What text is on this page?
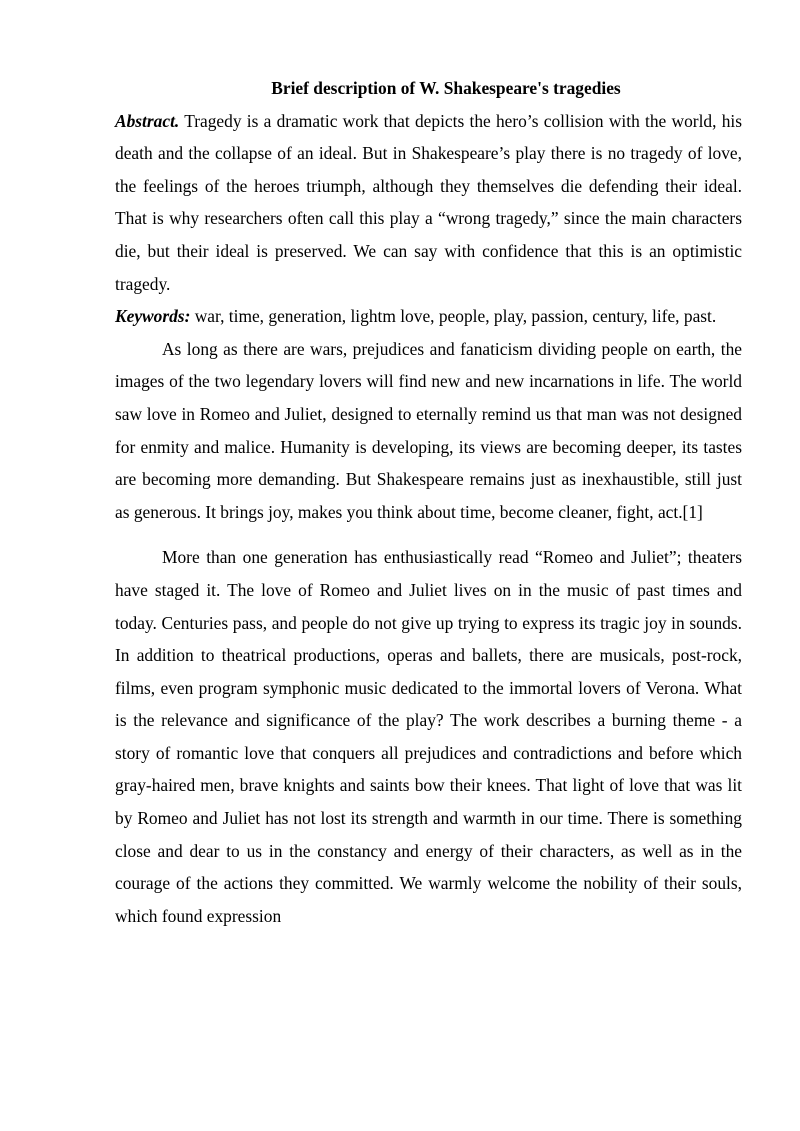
Brief description of W. Shakespeare's tragedies

Abstract. Tragedy is a dramatic work that depicts the hero’s collision with the world, his death and the collapse of an ideal. But in Shakespeare’s play there is no tragedy of love, the feelings of the heroes triumph, although they themselves die defending their ideal. That is why researchers often call this play a “wrong tragedy,” since the main characters die, but their ideal is preserved. We can say with confidence that this is an optimistic tragedy.

Keywords: war, time, generation, lightm love, people, play, passion, century, life, past.

As long as there are wars, prejudices and fanaticism dividing people on earth, the images of the two legendary lovers will find new and new incarnations in life. The world saw love in Romeo and Juliet, designed to eternally remind us that man was not designed for enmity and malice. Humanity is developing, its views are becoming deeper, its tastes are becoming more demanding. But Shakespeare remains just as inexhaustible, still just as generous. It brings joy, makes you think about time, become cleaner, fight, act.[1]

More than one generation has enthusiastically read “Romeo and Juliet”; theaters have staged it. The love of Romeo and Juliet lives on in the music of past times and today. Centuries pass, and people do not give up trying to express its tragic joy in sounds. In addition to theatrical productions, operas and ballets, there are musicals, post-rock, films, even program symphonic music dedicated to the immortal lovers of Verona. What is the relevance and significance of the play? The work describes a burning theme - a story of romantic love that conquers all prejudices and contradictions and before which gray-haired men, brave knights and saints bow their knees. That light of love that was lit by Romeo and Juliet has not lost its strength and warmth in our time. There is something close and dear to us in the constancy and energy of their characters, as well as in the courage of the actions they committed. We warmly welcome the nobility of their souls, which found expression
